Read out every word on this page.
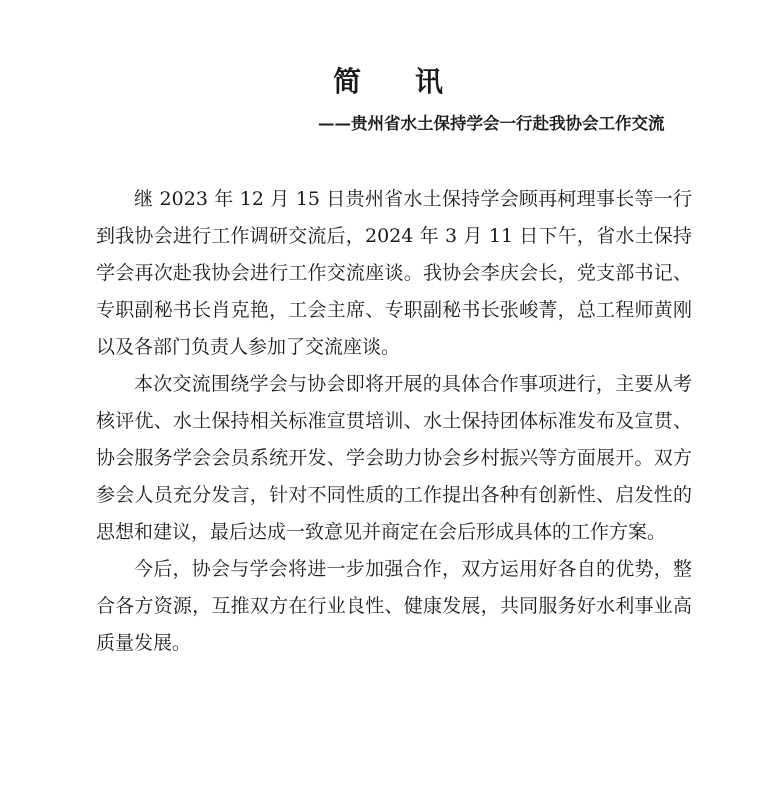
简 讯
——贵州省水土保持学会一行赴我协会工作交流

继 2023 年 12 月 15 日贵州省水土保持学会顾再柯理事长等一行到我协会进行工作调研交流后，2024 年 3 月 11 日下午，省水土保持学会再次赴我协会进行工作交流座谈。我协会李庆会长，党支部书记、专职副秘书长肖克艳，工会主席、专职副秘书长张峻菁，总工程师黄刚以及各部门负责人参加了交流座谈。

本次交流围绕学会与协会即将开展的具体合作事项进行，主要从考核评优、水土保持相关标准宣贯培训、水土保持团体标准发布及宣贯、协会服务学会会员系统开发、学会助力协会乡村振兴等方面展开。双方参会人员充分发言，针对不同性质的工作提出各种有创新性、启发性的思想和建议，最后达成一致意见并商定在会后形成具体的工作方案。

今后，协会与学会将进一步加强合作，双方运用好各自的优势，整合各方资源，互推双方在行业良性、健康发展，共同服务好水利事业高质量发展。
